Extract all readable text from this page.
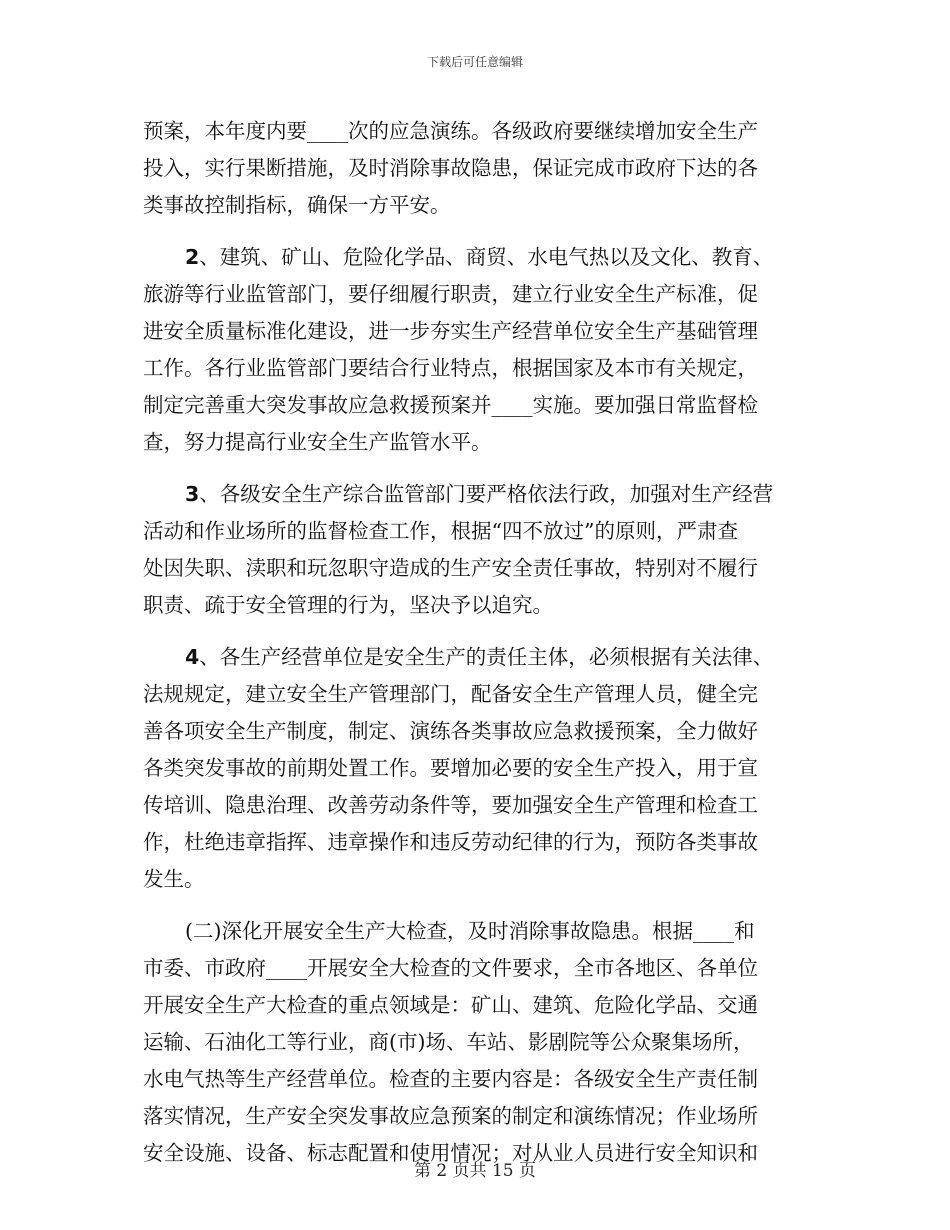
下载后可任意编辑
预案，本年度内要____次的应急演练。各级政府要继续增加安全生产
投入，实行果断措施，及时消除事故隐患，保证完成市政府下达的各
类事故控制指标，确保一方平安。
2、建筑、矿山、危险化学品、商贸、水电气热以及文化、教育、
旅游等行业监管部门，要仔细履行职责，建立行业安全生产标准，促
进安全质量标准化建设，进一步夯实生产经营单位安全生产基础管理
工作。各行业监管部门要结合行业特点，根据国家及本市有关规定，
制定完善重大突发事故应急救援预案并____实施。要加强日常监督检
查，努力提高行业安全生产监管水平。
3、各级安全生产综合监管部门要严格依法行政，加强对生产经营
活动和作业场所的监督检查工作，根据“四不放过”的原则，严肃查
处因失职、渎职和玩忽职守造成的生产安全责任事故，特别对不履行
职责、疏于安全管理的行为，坚决予以追究。
4、各生产经营单位是安全生产的责任主体，必须根据有关法律、
法规规定，建立安全生产管理部门，配备安全生产管理人员，健全完
善各项安全生产制度，制定、演练各类事故应急救援预案，全力做好
各类突发事故的前期处置工作。要增加必要的安全生产投入，用于宣
传培训、隐患治理、改善劳动条件等，要加强安全生产管理和检查工
作，杜绝违章指挥、违章操作和违反劳动纪律的行为，预防各类事故
发生。
(二)深化开展安全生产大检查，及时消除事故隐患。根据____和
市委、市政府____开展安全大检查的文件要求，全市各地区、各单位
开展安全生产大检查的重点领域是：矿山、建筑、危险化学品、交通
运输、石油化工等行业，商(市)场、车站、影剧院等公众聚集场所，
水电气热等生产经营单位。检查的主要内容是：各级安全生产责任制
落实情况，生产安全突发事故应急预案的制定和演练情况；作业场所
安全设施、设备、标志配置和使用情况；对从业人员进行安全知识和
第 2 页共 15 页
